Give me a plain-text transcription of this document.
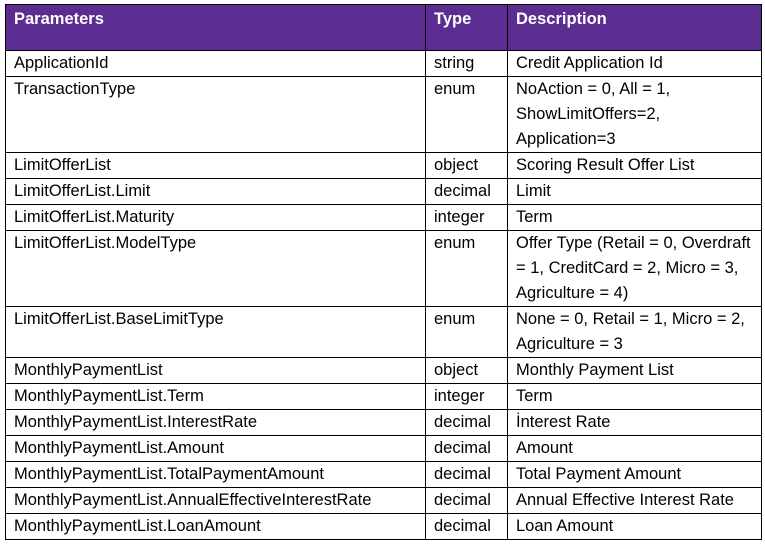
Parameters	Type	Description
ApplicationId	string	Credit Application Id
TransactionType	enum	NoAction = 0, All = 1, ShowLimitOffers=2, Application=3
LimitOfferList	object	Scoring Result Offer List
LimitOfferList.Limit	decimal	Limit
LimitOfferList.Maturity	integer	Term
LimitOfferList.ModelType	enum	Offer Type (Retail = 0, Overdraft = 1, CreditCard = 2, Micro = 3, Agriculture = 4)
LimitOfferList.BaseLimitType	enum	None = 0, Retail = 1, Micro = 2, Agriculture = 3
MonthlyPaymentList	object	Monthly Payment List
MonthlyPaymentList.Term	integer	Term
MonthlyPaymentList.InterestRate	decimal	İnterest Rate
MonthlyPaymentList.Amount	decimal	Amount
MonthlyPaymentList.TotalPaymentAmount	decimal	Total Payment Amount
MonthlyPaymentList.AnnualEffectiveInterestRate	decimal	Annual Effective Interest Rate
MonthlyPaymentList.LoanAmount	decimal	Loan Amount
